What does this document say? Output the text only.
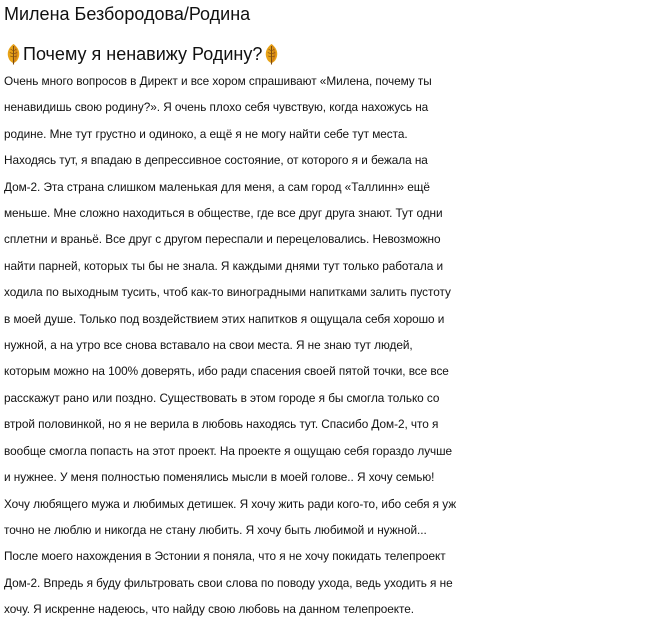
Милена Безбородова/Родина
Почему я ненавижу Родину?
Очень много вопросов в Директ и все хором спрашивают «Милена, почему ты
ненавидишь свою родину?». Я очень плохо себя чувствую, когда нахожусь на
родине. Мне тут грустно и одиноко, а ещё я не могу найти себе тут места.
Находясь тут, я впадаю в депрессивное состояние, от которого я и бежала на
Дом-2. Эта страна слишком маленькая для меня, а сам город «Таллинн» ещё
меньше. Мне сложно находиться в обществе, где все друг друга знают. Тут одни
сплетни и враньё. Все друг с другом переспали и перецеловались. Невозможно
найти парней, которых ты бы не знала. Я каждыми днями тут только работала и
ходила по выходным тусить, чтоб как-то виноградными напитками залить пустоту
в моей душе. Только под воздействием этих напитков я ощущала себя хорошо и
нужной, а на утро все снова вставало на свои места. Я не знаю тут людей,
которым можно на 100% доверять, ибо ради спасения своей пятой точки, все все
расскажут рано или поздно. Существовать в этом городе я бы смогла только со
втрой половинкой, но я не верила в любовь находясь тут. Спасибо Дом-2, что я
вообще смогла попасть на этот проект. На проекте я ощущаю себя гораздо лучше
и нужнее. У меня полностью поменялись мысли в моей голове.. Я хочу семью!
Хочу любящего мужа и любимых детишек. Я хочу жить ради кого-то, ибо себя я уж
точно не люблю и никогда не стану любить. Я хочу быть любимой и нужной...
После моего нахождения в Эстонии я поняла, что я не хочу покидать телепроект
Дом-2. Впредь я буду фильтровать свои слова по поводу ухода, ведь уходить я не
хочу. Я искренне надеюсь, что найду свою любовь на данном телепроекте.
